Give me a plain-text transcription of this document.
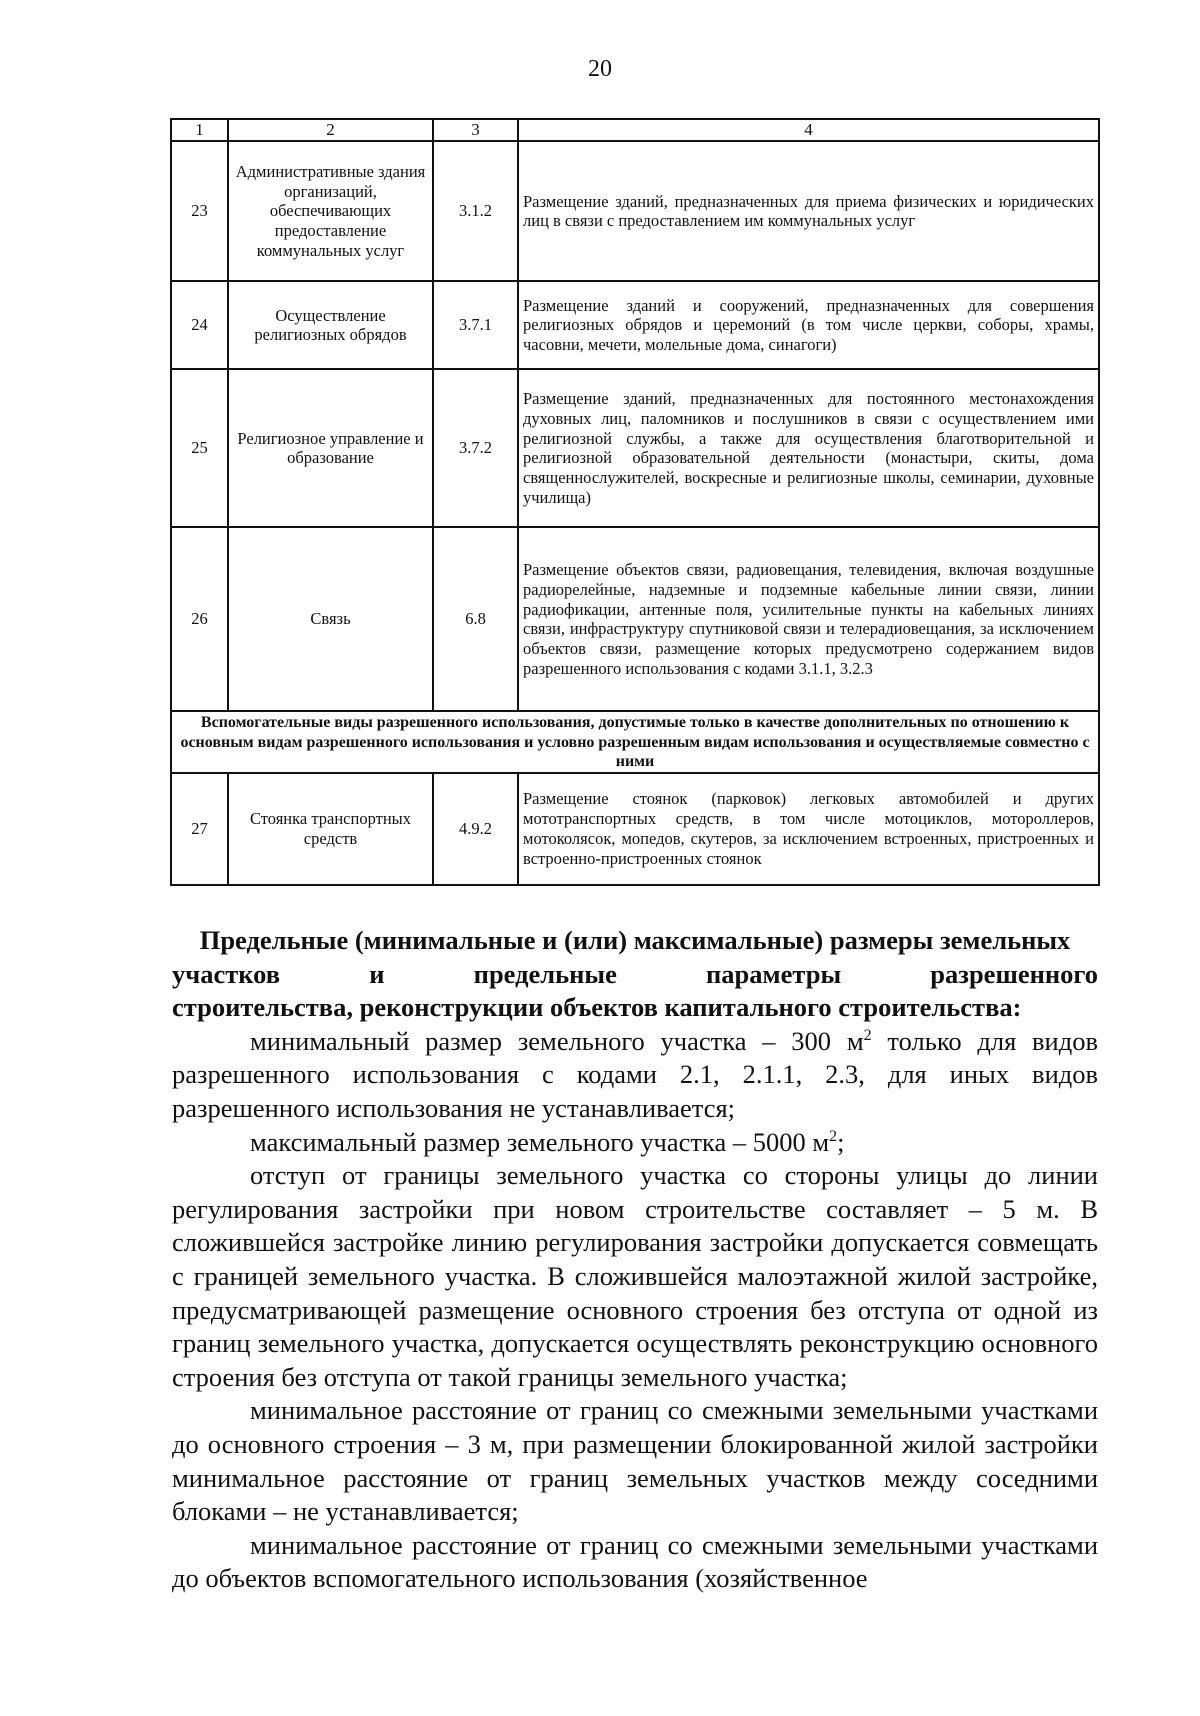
20
1	2	3	4
23	Административные здания организаций, обеспечивающих предоставление коммунальных услуг	3.1.2	Размещение зданий, предназначенных для приема физических и юридических лиц в связи с предоставлением им коммунальных услуг
24	Осуществление религиозных обрядов	3.7.1	Размещение зданий и сооружений, предназначенных для совершения религиозных обрядов и церемоний (в том числе церкви, соборы, храмы, часовни, мечети, молельные дома, синагоги)
25	Религиозное управление и образование	3.7.2	Размещение зданий, предназначенных для постоянного местонахождения духовных лиц, паломников и послушников в связи с осуществлением ими религиозной службы, а также для осуществления благотворительной и религиозной образовательной деятельности (монастыри, скиты, дома священнослужителей, воскресные и религиозные школы, семинарии, духовные училища)
26	Связь	6.8	Размещение объектов связи, радиовещания, телевидения, включая воздушные радиорелейные, надземные и подземные кабельные линии связи, линии радиофикации, антенные поля, усилительные пункты на кабельных линиях связи, инфраструктуру спутниковой связи и телерадиовещания, за исключением объектов связи, размещение которых предусмотрено содержанием видов разрешенного использования с кодами 3.1.1, 3.2.3
Вспомогательные виды разрешенного использования, допустимые только в качестве дополнительных по отношению к основным видам разрешенного использования и условно разрешенным видам использования и осуществляемые совместно с ними			
27	Стоянка транспортных средств	4.9.2	Размещение стоянок (парковок) легковых автомобилей и других мототранспортных средств, в том числе мотоциклов, мотороллеров, мотоколясок, мопедов, скутеров, за исключением встроенных, пристроенных и встроенно-пристроенных стоянок
Предельные (минимальные и (или) максимальные) размеры земельных участков и предельные параметры разрешенного
строительства, реконструкции объектов капитального строительства:

минимальный размер земельного участка – 300 $м^2$ только для видов разрешенного использования с кодами 2.1, 2.1.1, 2.3, для иных видов разрешенного использования не устанавливается;

максимальный размер земельного участка – 5000 $м^2$;

отступ от границы земельного участка со стороны улицы до линии регулирования застройки при новом строительстве составляет – 5 м. В сложившейся застройке линию регулирования застройки допускается совмещать с границей земельного участка. В сложившейся малоэтажной жилой застройке, предусматривающей размещение основного строения без отступа от одной из границ земельного участка, допускается осуществлять реконструкцию основного строения без отступа от такой границы земельного участка;

минимальное расстояние от границ со смежными земельными участками до основного строения – 3 м, при размещении блокированной жилой застройки минимальное расстояние от границ земельных участков между соседними блоками – не устанавливается;

минимальное расстояние от границ со смежными земельными участками до объектов вспомогательного использования (хозяйственное
